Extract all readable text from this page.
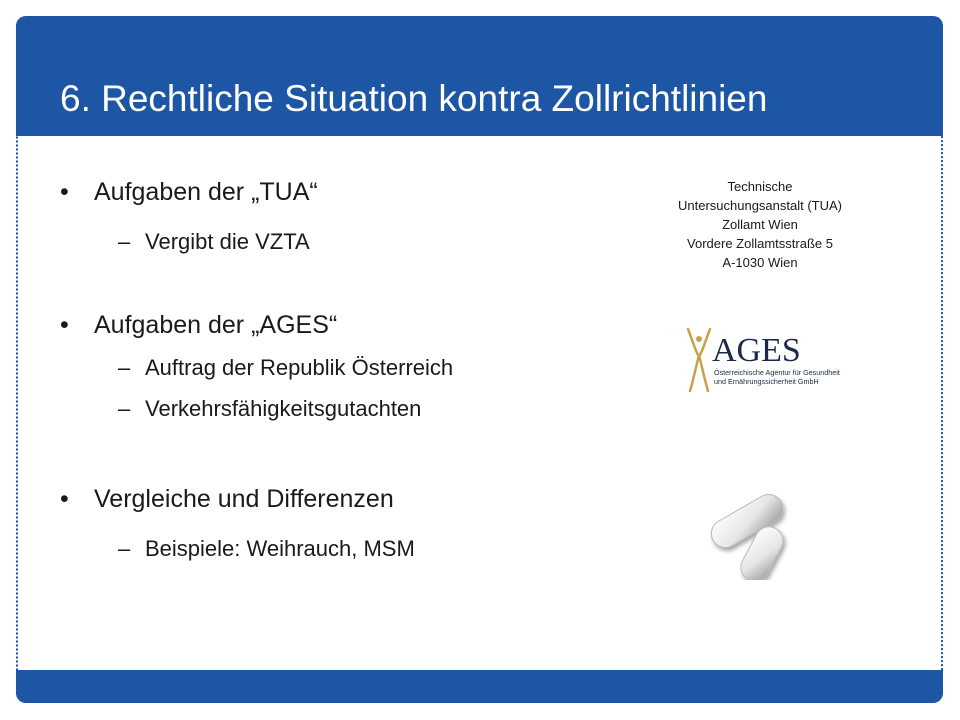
6. Rechtliche Situation kontra Zollrichtlinien
• Aufgaben der „TUA“
– Vergibt die VZTA
• Aufgaben der „AGES“
– Auftrag der Republik Österreich
– Verkehrsfähigkeitsgutachten
• Vergleiche und Differenzen
– Beispiele: Weihrauch, MSM
Technische
Untersuchungsanstalt (TUA)
Zollamt Wien
Vordere Zollamtsstraße 5
A-1030 Wien
AGES
Österreichische Agentur für Gesundheit
und Ernährungssicherheit GmbH
